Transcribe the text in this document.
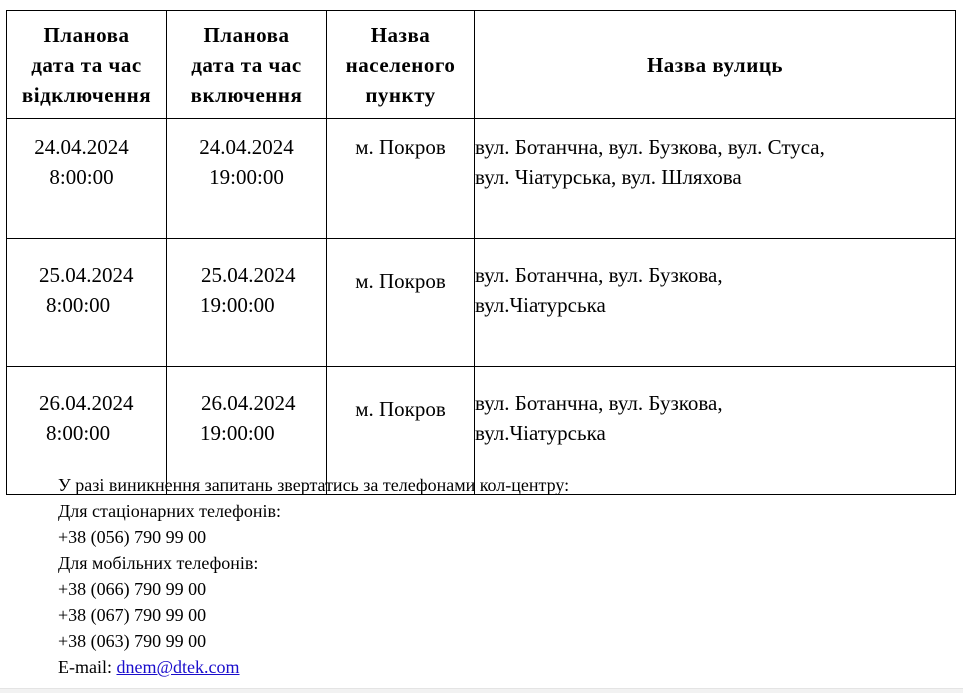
Планова
дата та час
відключення	Планова
дата та час
включення	Назва
населеного
пункту	Назва вулиць

24.04.2024
8:00:00	24.04.2024
19:00:00	м. Покров	вул. Ботанчна, вул. Бузкова, вул. Стуса,
вул. Чіатурська, вул. Шляхова

25.04.2024
8:00:00	25.04.2024
19:00:00	м. Покров	вул. Ботанчна, вул. Бузкова,
вул.Чіатурська

26.04.2024
8:00:00	26.04.2024
19:00:00	м. Покров	вул. Ботанчна, вул. Бузкова,
вул.Чіатурська
У разі виникнення запитань звертатись за телефонами кол-центру:
Для стаціонарних телефонів:
+38 (056) 790 99 00
Для мобільних телефонів:
+38 (066) 790 99 00
+38 (067) 790 99 00
+38 (063) 790 99 00
E-mail: dnem@dtek.com
